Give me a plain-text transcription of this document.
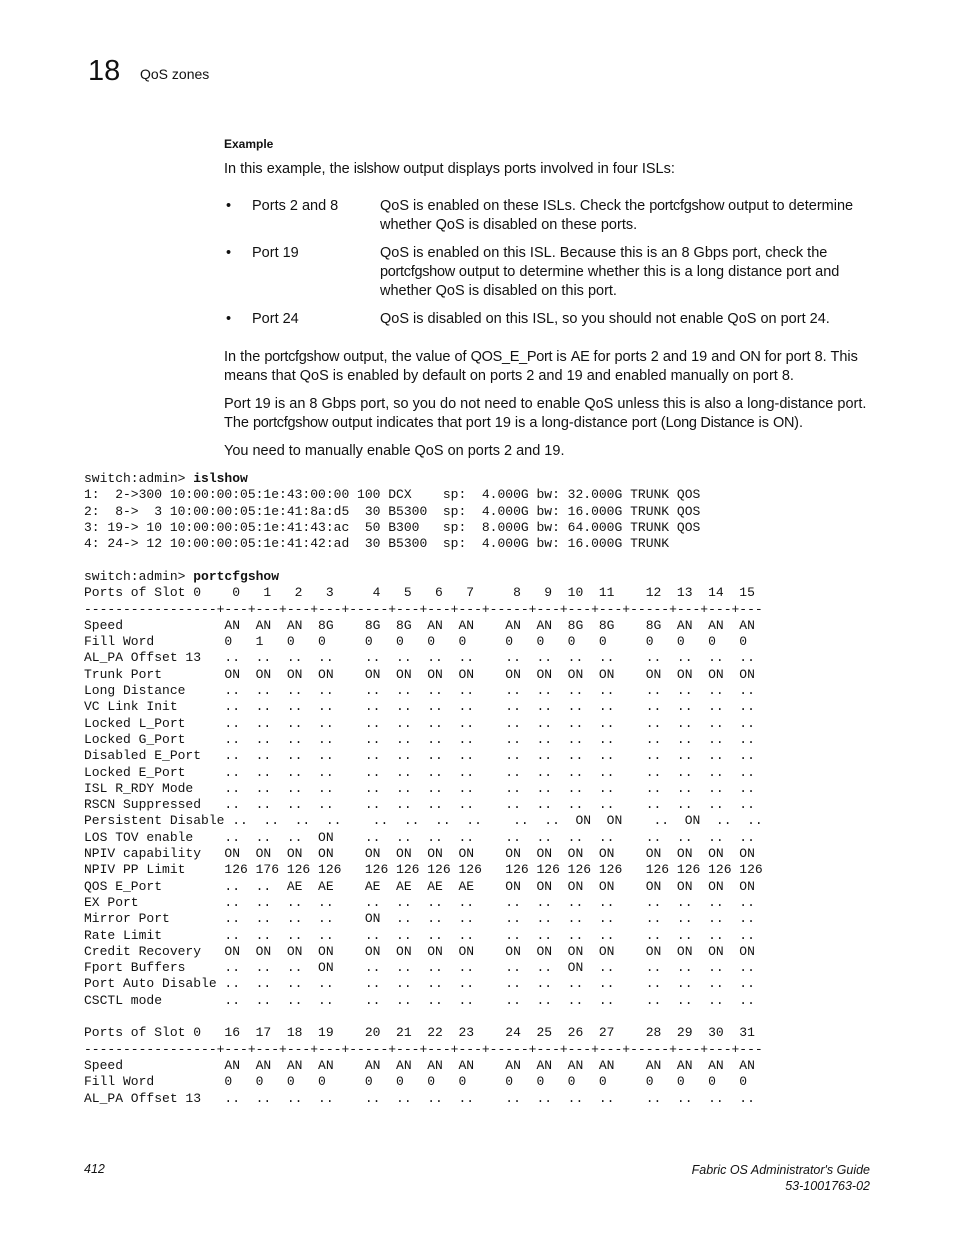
18 QoS zones
Example
In this example, the islshow output displays ports involved in four ISLs:
• Ports 2 and 8	QoS is enabled on these ISLs. Check the portcfgshow output to determine whether QoS is disabled on these ports.
• Port 19	QoS is enabled on this ISL. Because this is an 8 Gbps port, check the portcfgshow output to determine whether this is a long distance port and whether QoS is disabled on this port.
• Port 24	QoS is disabled on this ISL, so you should not enable QoS on port 24.
In the portcfgshow output, the value of QOS_E_Port is AE for ports 2 and 19 and ON for port 8. This means that QoS is enabled by default on ports 2 and 19 and enabled manually on port 8.
Port 19 is an 8 Gbps port, so you do not need to enable QoS unless this is also a long-distance port. The portcfgshow output indicates that port 19 is a long-distance port (Long Distance is ON).
You need to manually enable QoS on ports 2 and 19.
switch:admin> islshow
1:  2->300 10:00:00:05:1e:43:00:00 100 DCX    sp:  4.000G bw: 32.000G TRUNK QOS
2:  8->  3 10:00:00:05:1e:41:8a:d5  30 B5300  sp:  4.000G bw: 16.000G TRUNK QOS
3: 19-> 10 10:00:00:05:1e:41:43:ac  50 B300   sp:  8.000G bw: 64.000G TRUNK QOS
4: 24-> 12 10:00:00:05:1e:41:42:ad  30 B5300  sp:  4.000G bw: 16.000G TRUNK

switch:admin> portcfgshow
Ports of Slot 0    0   1   2   3     4   5   6   7     8   9  10  11    12  13  14  15
-----------------+---+---+---+---+-----+---+---+---+-----+---+---+---+-----+---+---+---
Speed             AN  AN  AN  8G    8G  8G  AN  AN    AN  AN  8G  8G    8G  AN  AN  AN
Fill Word         0   1   0   0     0   0   0   0     0   0   0   0     0   0   0   0
AL_PA Offset 13   ..  ..  ..  ..    ..  ..  ..  ..    ..  ..  ..  ..    ..  ..  ..  ..
Trunk Port        ON  ON  ON  ON    ON  ON  ON  ON    ON  ON  ON  ON    ON  ON  ON  ON
Long Distance     ..  ..  ..  ..    ..  ..  ..  ..    ..  ..  ..  ..    ..  ..  ..  ..
VC Link Init      ..  ..  ..  ..    ..  ..  ..  ..    ..  ..  ..  ..    ..  ..  ..  ..
Locked L_Port     ..  ..  ..  ..    ..  ..  ..  ..    ..  ..  ..  ..    ..  ..  ..  ..
Locked G_Port     ..  ..  ..  ..    ..  ..  ..  ..    ..  ..  ..  ..    ..  ..  ..  ..
Disabled E_Port   ..  ..  ..  ..    ..  ..  ..  ..    ..  ..  ..  ..    ..  ..  ..  ..
Locked E_Port     ..  ..  ..  ..    ..  ..  ..  ..    ..  ..  ..  ..    ..  ..  ..  ..
ISL R_RDY Mode    ..  ..  ..  ..    ..  ..  ..  ..    ..  ..  ..  ..    ..  ..  ..  ..
RSCN Suppressed   ..  ..  ..  ..    ..  ..  ..  ..    ..  ..  ..  ..    ..  ..  ..  ..
Persistent Disable ..  ..  ..  ..    ..  ..  ..  ..    ..  ..  ON  ON    ..  ON  ..  ..
LOS TOV enable    ..  ..  ..  ON    ..  ..  ..  ..    ..  ..  ..  ..    ..  ..  ..  ..
NPIV capability   ON  ON  ON  ON    ON  ON  ON  ON    ON  ON  ON  ON    ON  ON  ON  ON
NPIV PP Limit     126 176 126 126   126 126 126 126   126 126 126 126   126 126 126 126
QOS E_Port        ..  ..  AE  AE    AE  AE  AE  AE    ON  ON  ON  ON    ON  ON  ON  ON
EX Port           ..  ..  ..  ..    ..  ..  ..  ..    ..  ..  ..  ..    ..  ..  ..  ..
Mirror Port       ..  ..  ..  ..    ON  ..  ..  ..    ..  ..  ..  ..    ..  ..  ..  ..
Rate Limit        ..  ..  ..  ..    ..  ..  ..  ..    ..  ..  ..  ..    ..  ..  ..  ..
Credit Recovery   ON  ON  ON  ON    ON  ON  ON  ON    ON  ON  ON  ON    ON  ON  ON  ON
Fport Buffers     ..  ..  ..  ON    ..  ..  ..  ..    ..  ..  ON  ..    ..  ..  ..  ..
Port Auto Disable ..  ..  ..  ..    ..  ..  ..  ..    ..  ..  ..  ..    ..  ..  ..  ..
CSCTL mode        ..  ..  ..  ..    ..  ..  ..  ..    ..  ..  ..  ..    ..  ..  ..  ..

Ports of Slot 0   16  17  18  19    20  21  22  23    24  25  26  27    28  29  30  31
-----------------+---+---+---+---+-----+---+---+---+-----+---+---+---+-----+---+---+---
Speed             AN  AN  AN  AN    AN  AN  AN  AN    AN  AN  AN  AN    AN  AN  AN  AN
Fill Word         0   0   0   0     0   0   0   0     0   0   0   0     0   0   0   0
AL_PA Offset 13   ..  ..  ..  ..    ..  ..  ..  ..    ..  ..  ..  ..    ..  ..  ..  ..

412	Fabric OS Administrator's Guide
53-1001763-02
